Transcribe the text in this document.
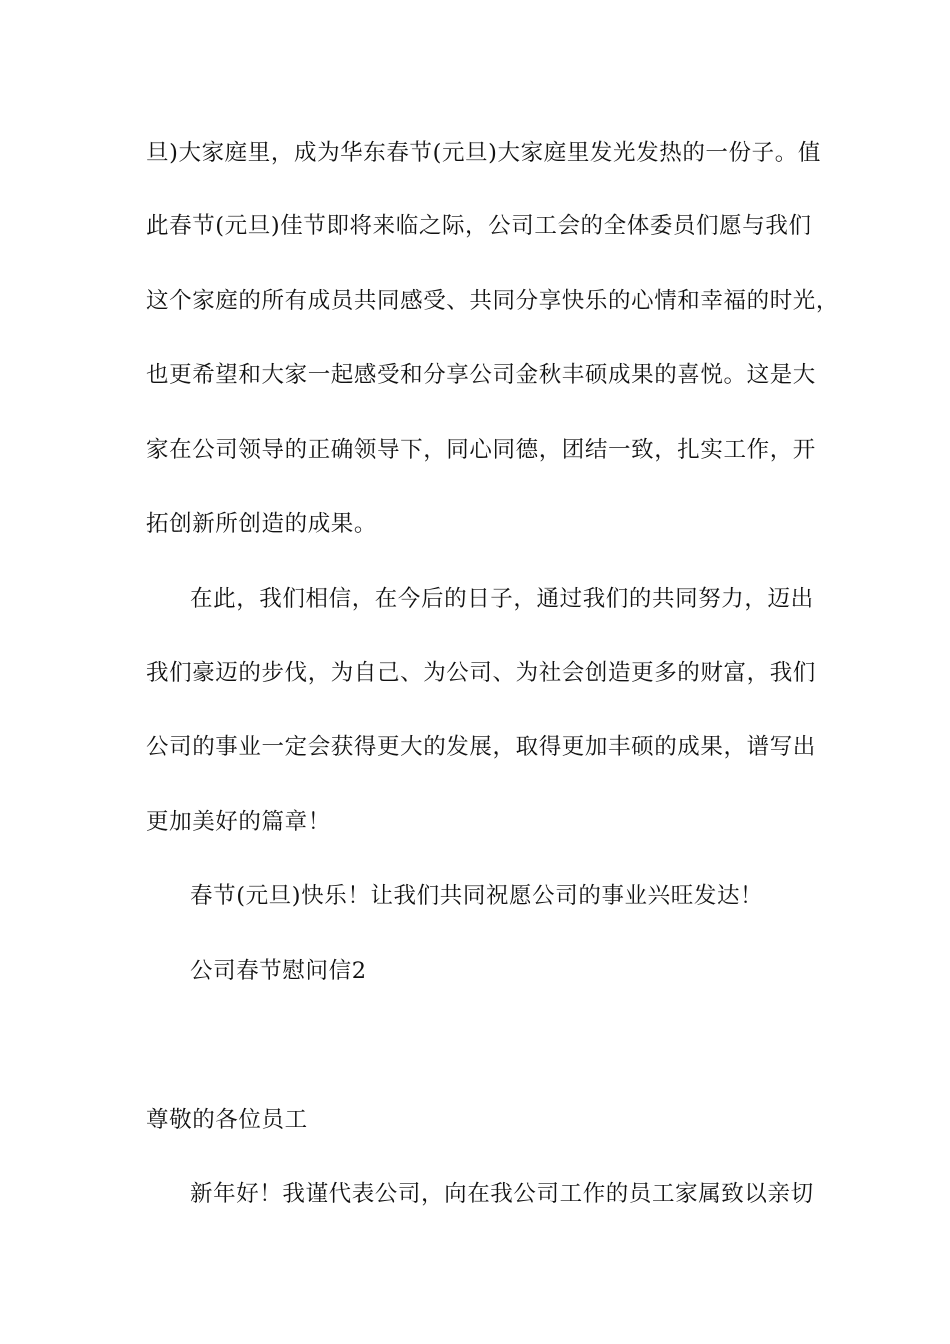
旦)大家庭里，成为华东春节(元旦)大家庭里发光发热的一份子。值
此春节(元旦)佳节即将来临之际，公司工会的全体委员们愿与我们
这个家庭的所有成员共同感受、共同分享快乐的心情和幸福的时光，
也更希望和大家一起感受和分享公司金秋丰硕成果的喜悦。这是大
家在公司领导的正确领导下，同心同德，团结一致，扎实工作，开
拓创新所创造的成果。
在此，我们相信，在今后的日子，通过我们的共同努力，迈出
我们豪迈的步伐，为自己、为公司、为社会创造更多的财富，我们
公司的事业一定会获得更大的发展，取得更加丰硕的成果，谱写出
更加美好的篇章！
春节(元旦)快乐！让我们共同祝愿公司的事业兴旺发达！
公司春节慰问信2
尊敬的各位员工
新年好！我谨代表公司，向在我公司工作的员工家属致以亲切
